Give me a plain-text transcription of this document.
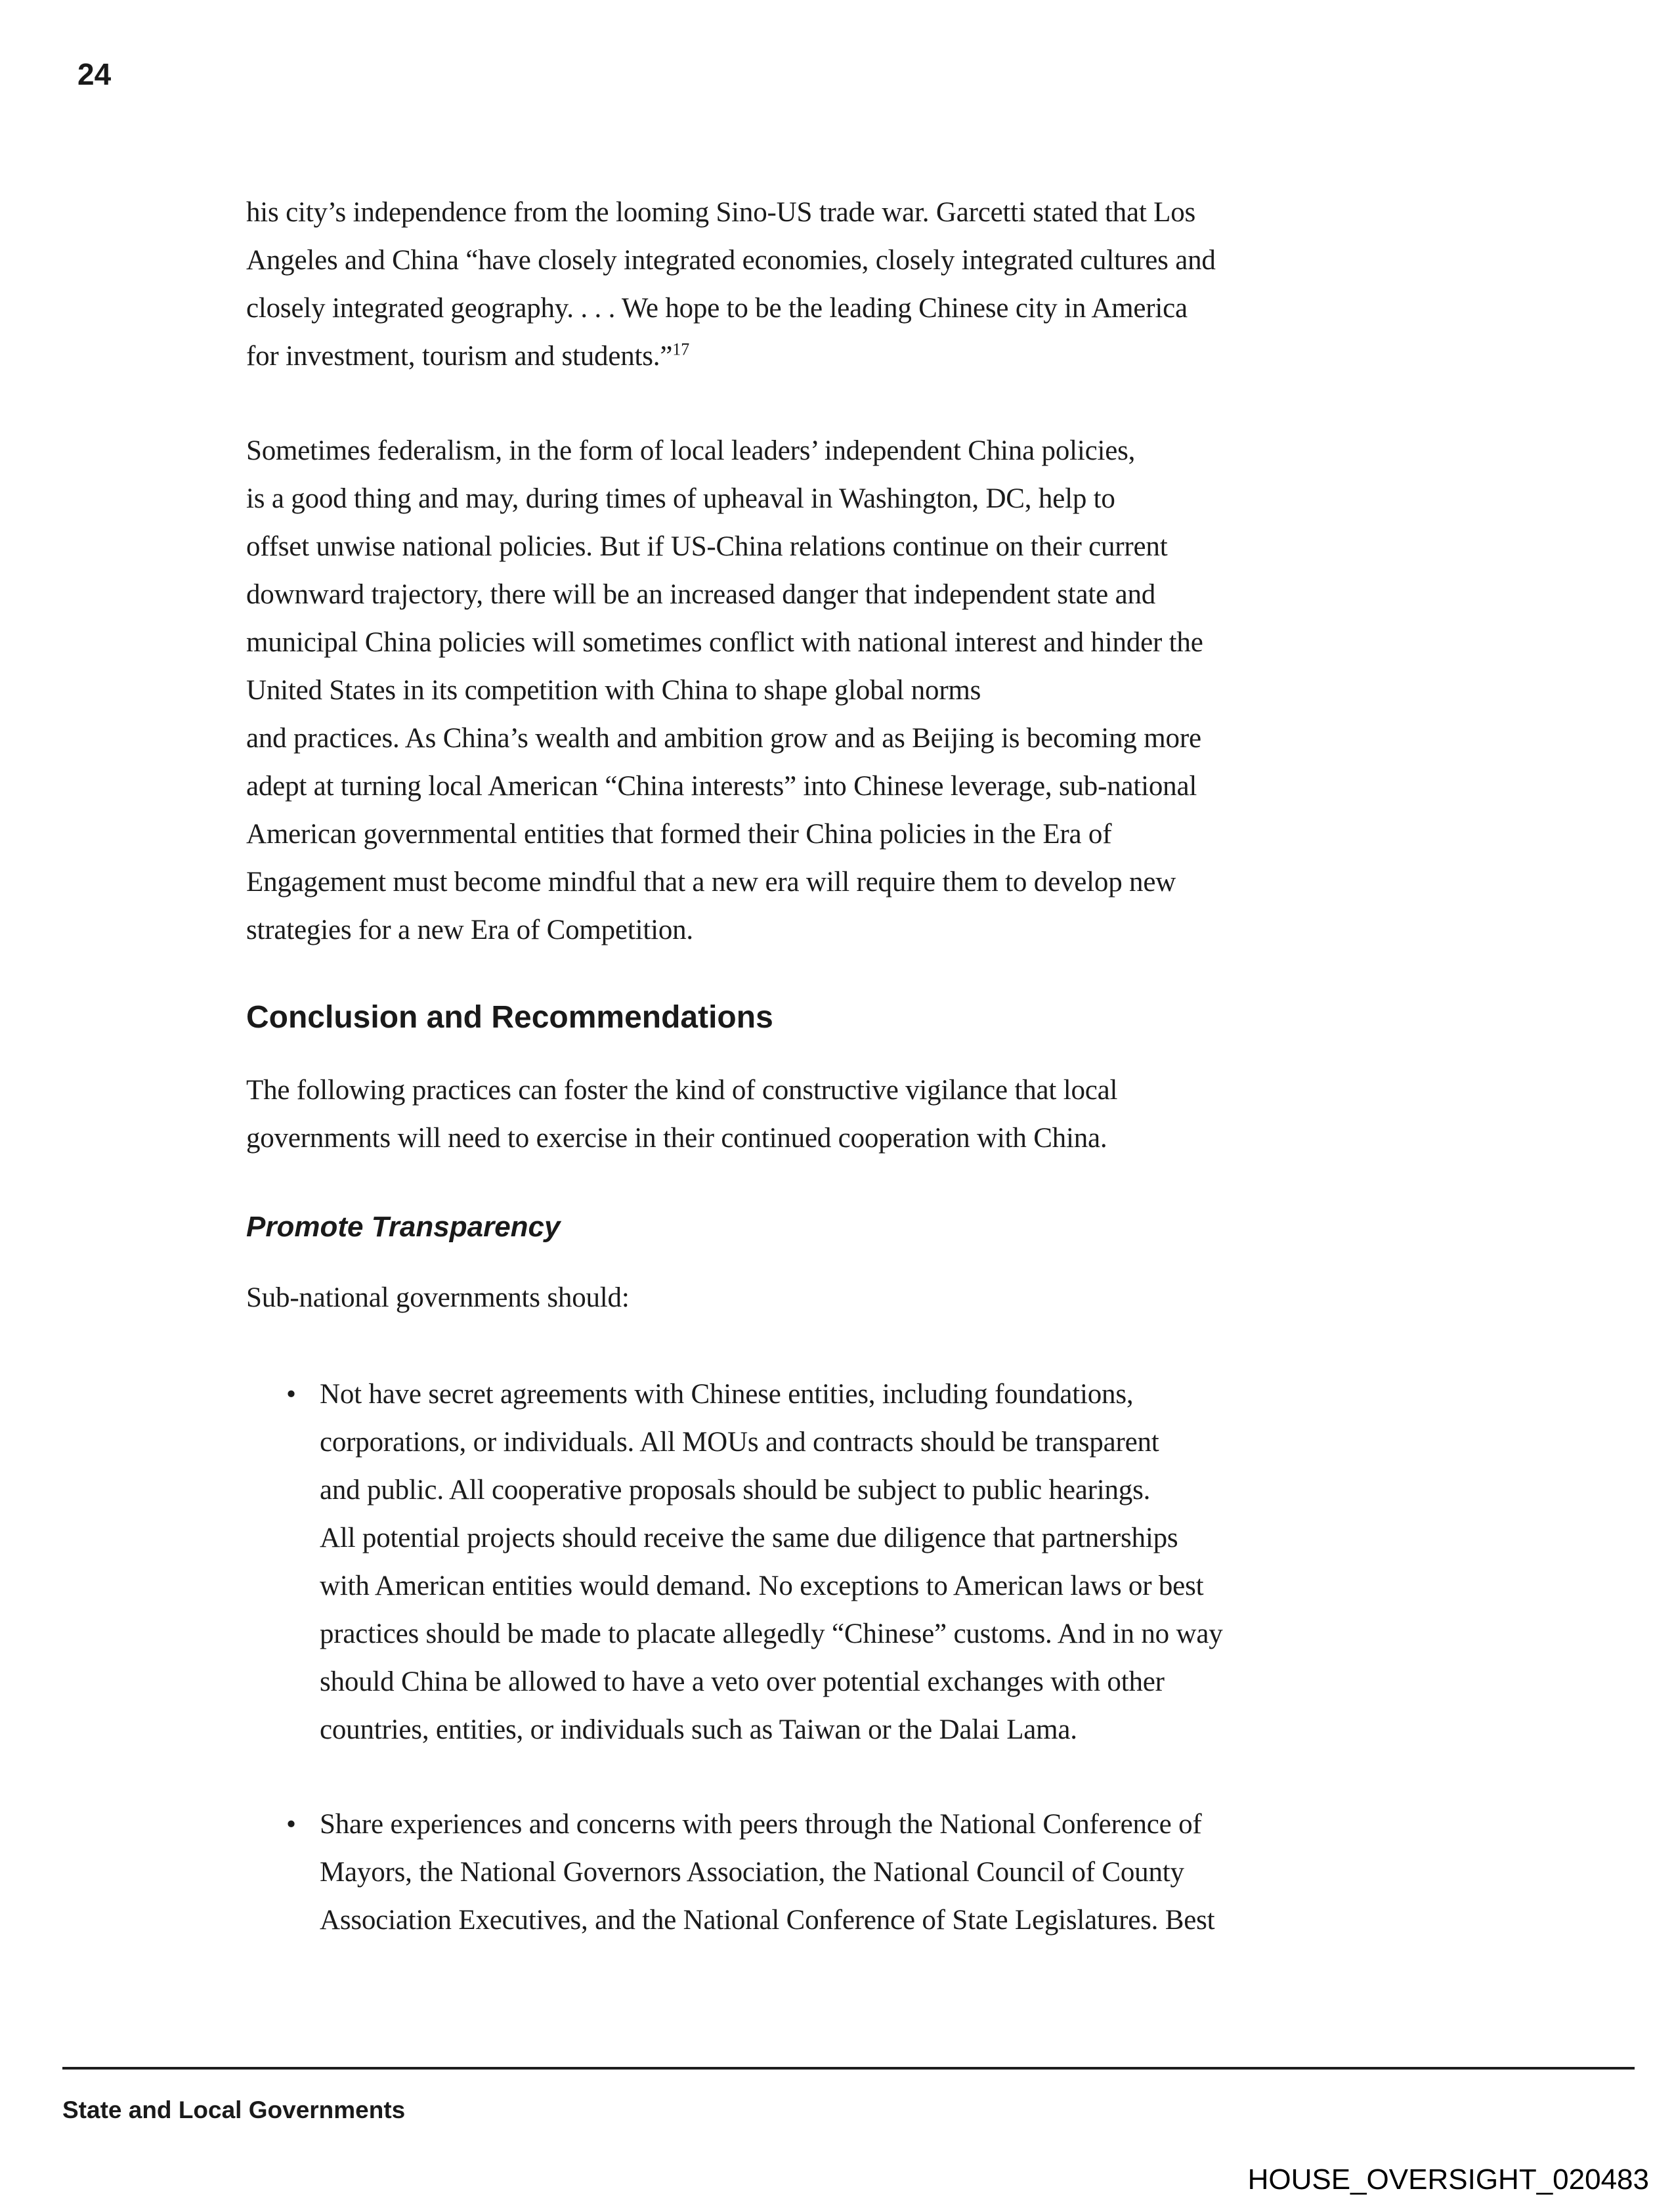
24
his city’s independence from the looming Sino-US trade war. Garcetti stated that Los
Angeles and China “have closely integrated economies, closely integrated cultures and
closely integrated geography. . . . We hope to be the leading Chinese city in America
for investment, tourism and students.”$^{17}$
Sometimes federalism, in the form of local leaders’ independent China policies,
is a good thing and may, during times of upheaval in Washington, DC, help to
offset unwise national policies. But if US-China relations continue on their current
downward trajectory, there will be an increased danger that independent state and
municipal China policies will sometimes conflict with national interest and hinder the
United States in its competition with China to shape global norms
and practices. As China’s wealth and ambition grow and as Beijing is becoming more
adept at turning local American “China interests” into Chinese leverage, sub-national
American governmental entities that formed their China policies in the Era of
Engagement must become mindful that a new era will require them to develop new
strategies for a new Era of Competition.
Conclusion and Recommendations
The following practices can foster the kind of constructive vigilance that local
governments will need to exercise in their continued cooperation with China.
Promote Transparency
Sub-national governments should:
• Not have secret agreements with Chinese entities, including foundations,
corporations, or individuals. All MOUs and contracts should be transparent
and public. All cooperative proposals should be subject to public hearings.
All potential projects should receive the same due diligence that partnerships
with American entities would demand. No exceptions to American laws or best
practices should be made to placate allegedly “Chinese” customs. And in no way
should China be allowed to have a veto over potential exchanges with other
countries, entities, or individuals such as Taiwan or the Dalai Lama.
• Share experiences and concerns with peers through the National Conference of
Mayors, the National Governors Association, the National Council of County
Association Executives, and the National Conference of State Legislatures. Best
State and Local Governments
HOUSE_OVERSIGHT_020483
